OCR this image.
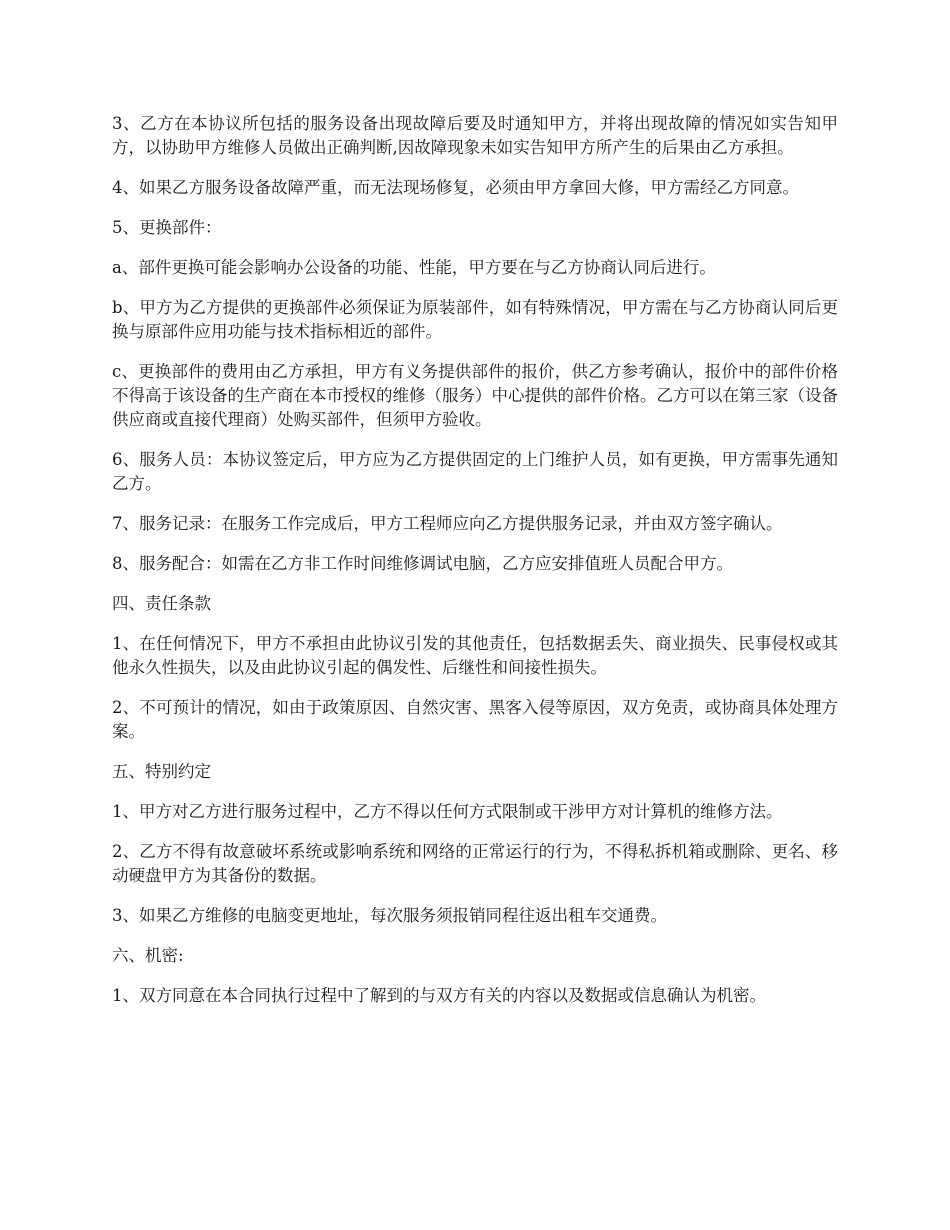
3、乙方在本协议所包括的服务设备出现故障后要及时通知甲方，并将出现故障的情况如实告知甲方，以协助甲方维修人员做出正确判断,因故障现象未如实告知甲方所产生的后果由乙方承担。

4、如果乙方服务设备故障严重，而无法现场修复，必须由甲方拿回大修，甲方需经乙方同意。

5、更换部件：

a、部件更换可能会影响办公设备的功能、性能，甲方要在与乙方协商认同后进行。

b、甲方为乙方提供的更换部件必须保证为原装部件，如有特殊情况，甲方需在与乙方协商认同后更换与原部件应用功能与技术指标相近的部件。

c、更换部件的费用由乙方承担，甲方有义务提供部件的报价，供乙方参考确认，报价中的部件价格不得高于该设备的生产商在本市授权的维修（服务）中心提供的部件价格。乙方可以在第三家（设备供应商或直接代理商）处购买部件，但须甲方验收。

6、服务人员：本协议签定后，甲方应为乙方提供固定的上门维护人员，如有更换，甲方需事先通知乙方。

7、服务记录：在服务工作完成后，甲方工程师应向乙方提供服务记录，并由双方签字确认。

8、服务配合：如需在乙方非工作时间维修调试电脑，乙方应安排值班人员配合甲方。

四、责任条款

1、在任何情况下，甲方不承担由此协议引发的其他责任，包括数据丢失、商业损失、民事侵权或其他永久性损失，以及由此协议引起的偶发性、后继性和间接性损失。

2、不可预计的情况，如由于政策原因、自然灾害、黑客入侵等原因，双方免责，或协商具体处理方案。

五、特别约定

1、甲方对乙方进行服务过程中，乙方不得以任何方式限制或干涉甲方对计算机的维修方法。

2、乙方不得有故意破坏系统或影响系统和网络的正常运行的行为，不得私拆机箱或删除、更名、移动硬盘甲方为其备份的数据。

3、如果乙方维修的电脑变更地址，每次服务须报销同程往返出租车交通费。

六、机密:

1、双方同意在本合同执行过程中了解到的与双方有关的内容以及数据或信息确认为机密。
